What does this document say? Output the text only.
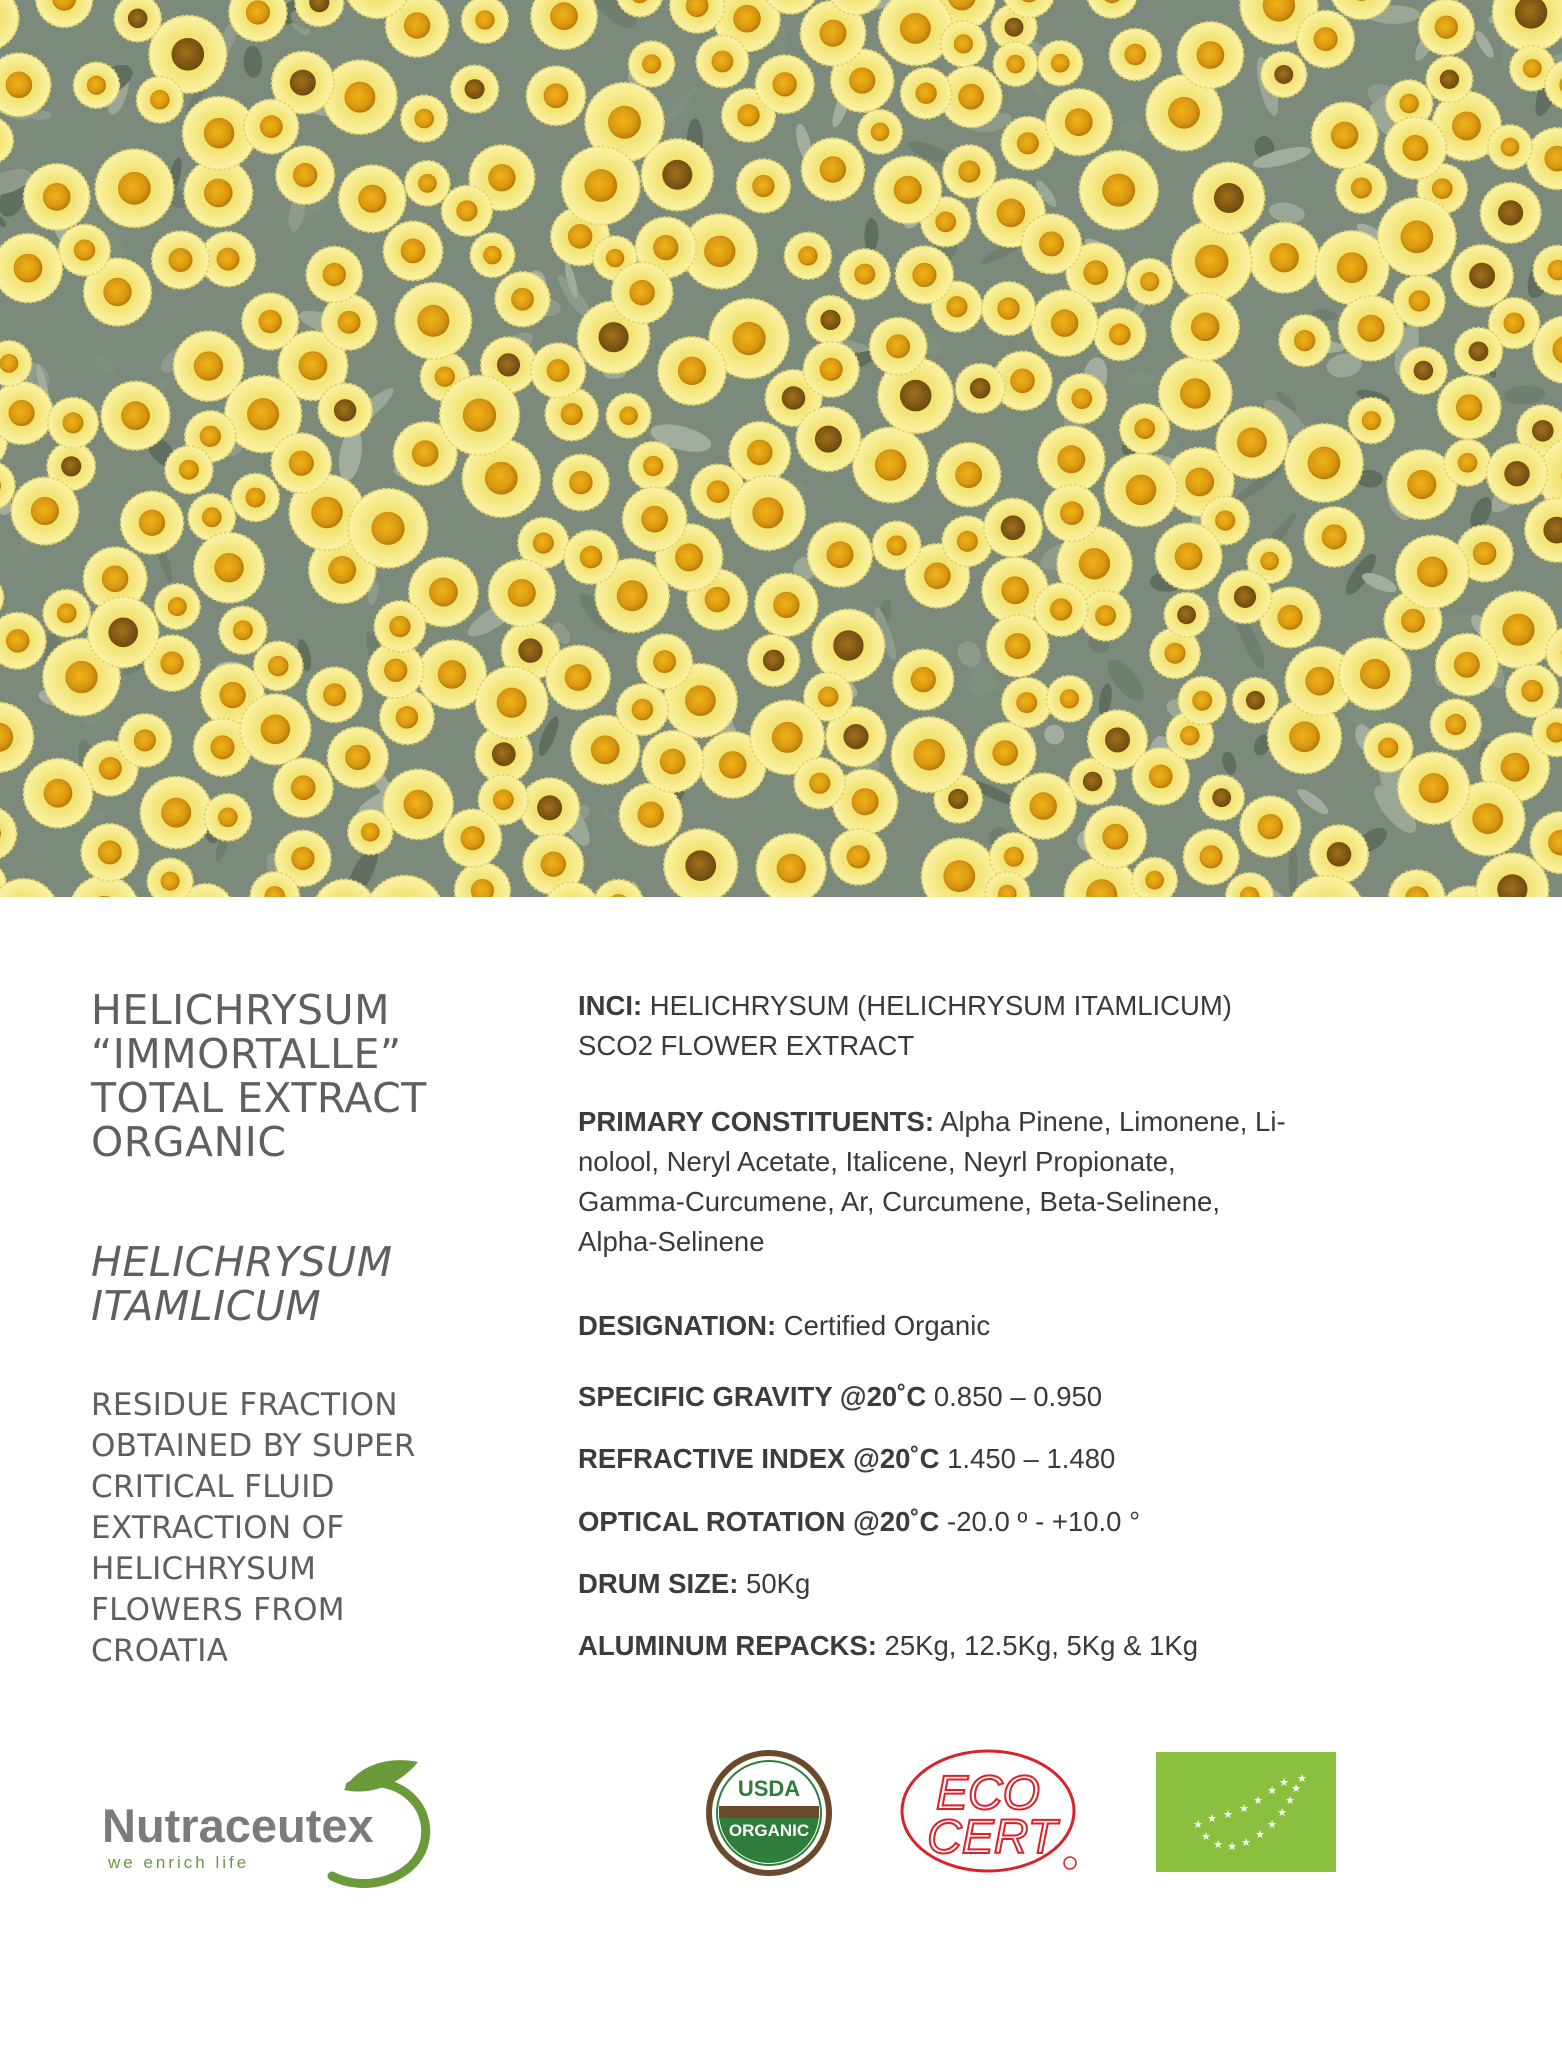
HELICHRYSUM
“IMMORTALLE”
TOTAL EXTRACT
ORGANIC
HELICHRYSUM
ITAMLICUM
RESIDUE FRACTION
OBTAINED BY SUPER
CRITICAL FLUID
EXTRACTION OF
HELICHRYSUM
FLOWERS FROM
CROATIA
INCI: HELICHRYSUM (HELICHRYSUM ITAMLICUM)
SCO2 FLOWER EXTRACT
PRIMARY CONSTITUENTS: Alpha Pinene, Limonene, Li-
nolool, Neryl Acetate, Italicene, Neyrl Propionate,
Gamma-Curcumene, Ar, Curcumene, Beta-Selinene,
Alpha-Selinene
DESIGNATION: Certified Organic
SPECIFIC GRAVITY @20˚C 0.850 – 0.950
REFRACTIVE INDEX @20˚C 1.450 – 1.480
OPTICAL ROTATION @20˚C -20.0 º - +10.0 °
DRUM SIZE: 50Kg
ALUMINUM REPACKS: 25Kg, 12.5Kg, 5Kg & 1Kg
Nutraceutex
we enrich life
USDA
ORGANIC
ECO
CERT	★
★
★ ★ ★
★
★
★
★
★
★
★ ★ ★
★
★
★
